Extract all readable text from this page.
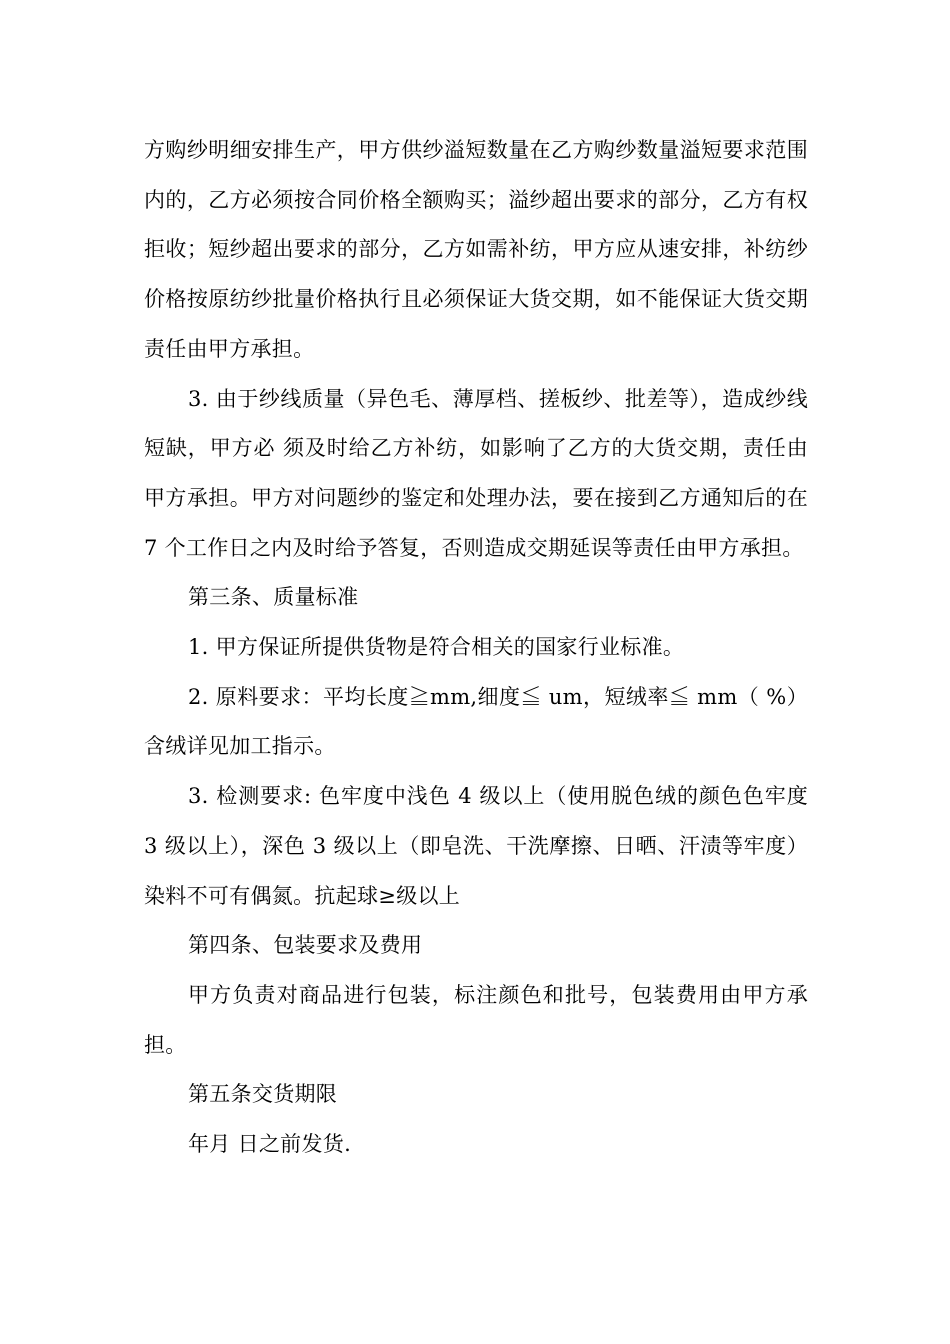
方购纱明细安排生产，甲方供纱溢短数量在乙方购纱数量溢短要求范围内的，乙方必须按合同价格全额购买；溢纱超出要求的部分，乙方有权拒收；短纱超出要求的部分，乙方如需补纺，甲方应从速安排，补纺纱价格按原纺纱批量价格执行且必须保证大货交期，如不能保证大货交期责任由甲方承担。

3. 由于纱线质量（异色毛、薄厚档、搓板纱、批差等），造成纱线短缺，甲方必 须及时给乙方补纺，如影响了乙方的大货交期，责任由甲方承担。甲方对问题纱的鉴定和处理办法，要在接到乙方通知后的在 7 个工作日之内及时给予答复，否则造成交期延误等责任由甲方承担。

第三条、质量标准

1. 甲方保证所提供货物是符合相关的国家行业标准。

2. 原料要求：平均长度≧mm,细度≦ um，短绒率≦ mm（ %）含绒详见加工指示。

3. 检测要求: 色牢度中浅色 4 级以上（使用脱色绒的颜色色牢度 3 级以上），深色 3 级以上（即皂洗、干洗摩擦、日晒、汗渍等牢度）染料不可有偶氮。抗起球≥级以上

第四条、包装要求及费用

甲方负责对商品进行包装，标注颜色和批号，包装费用由甲方承担。

第五条交货期限

年月 日之前发货.
